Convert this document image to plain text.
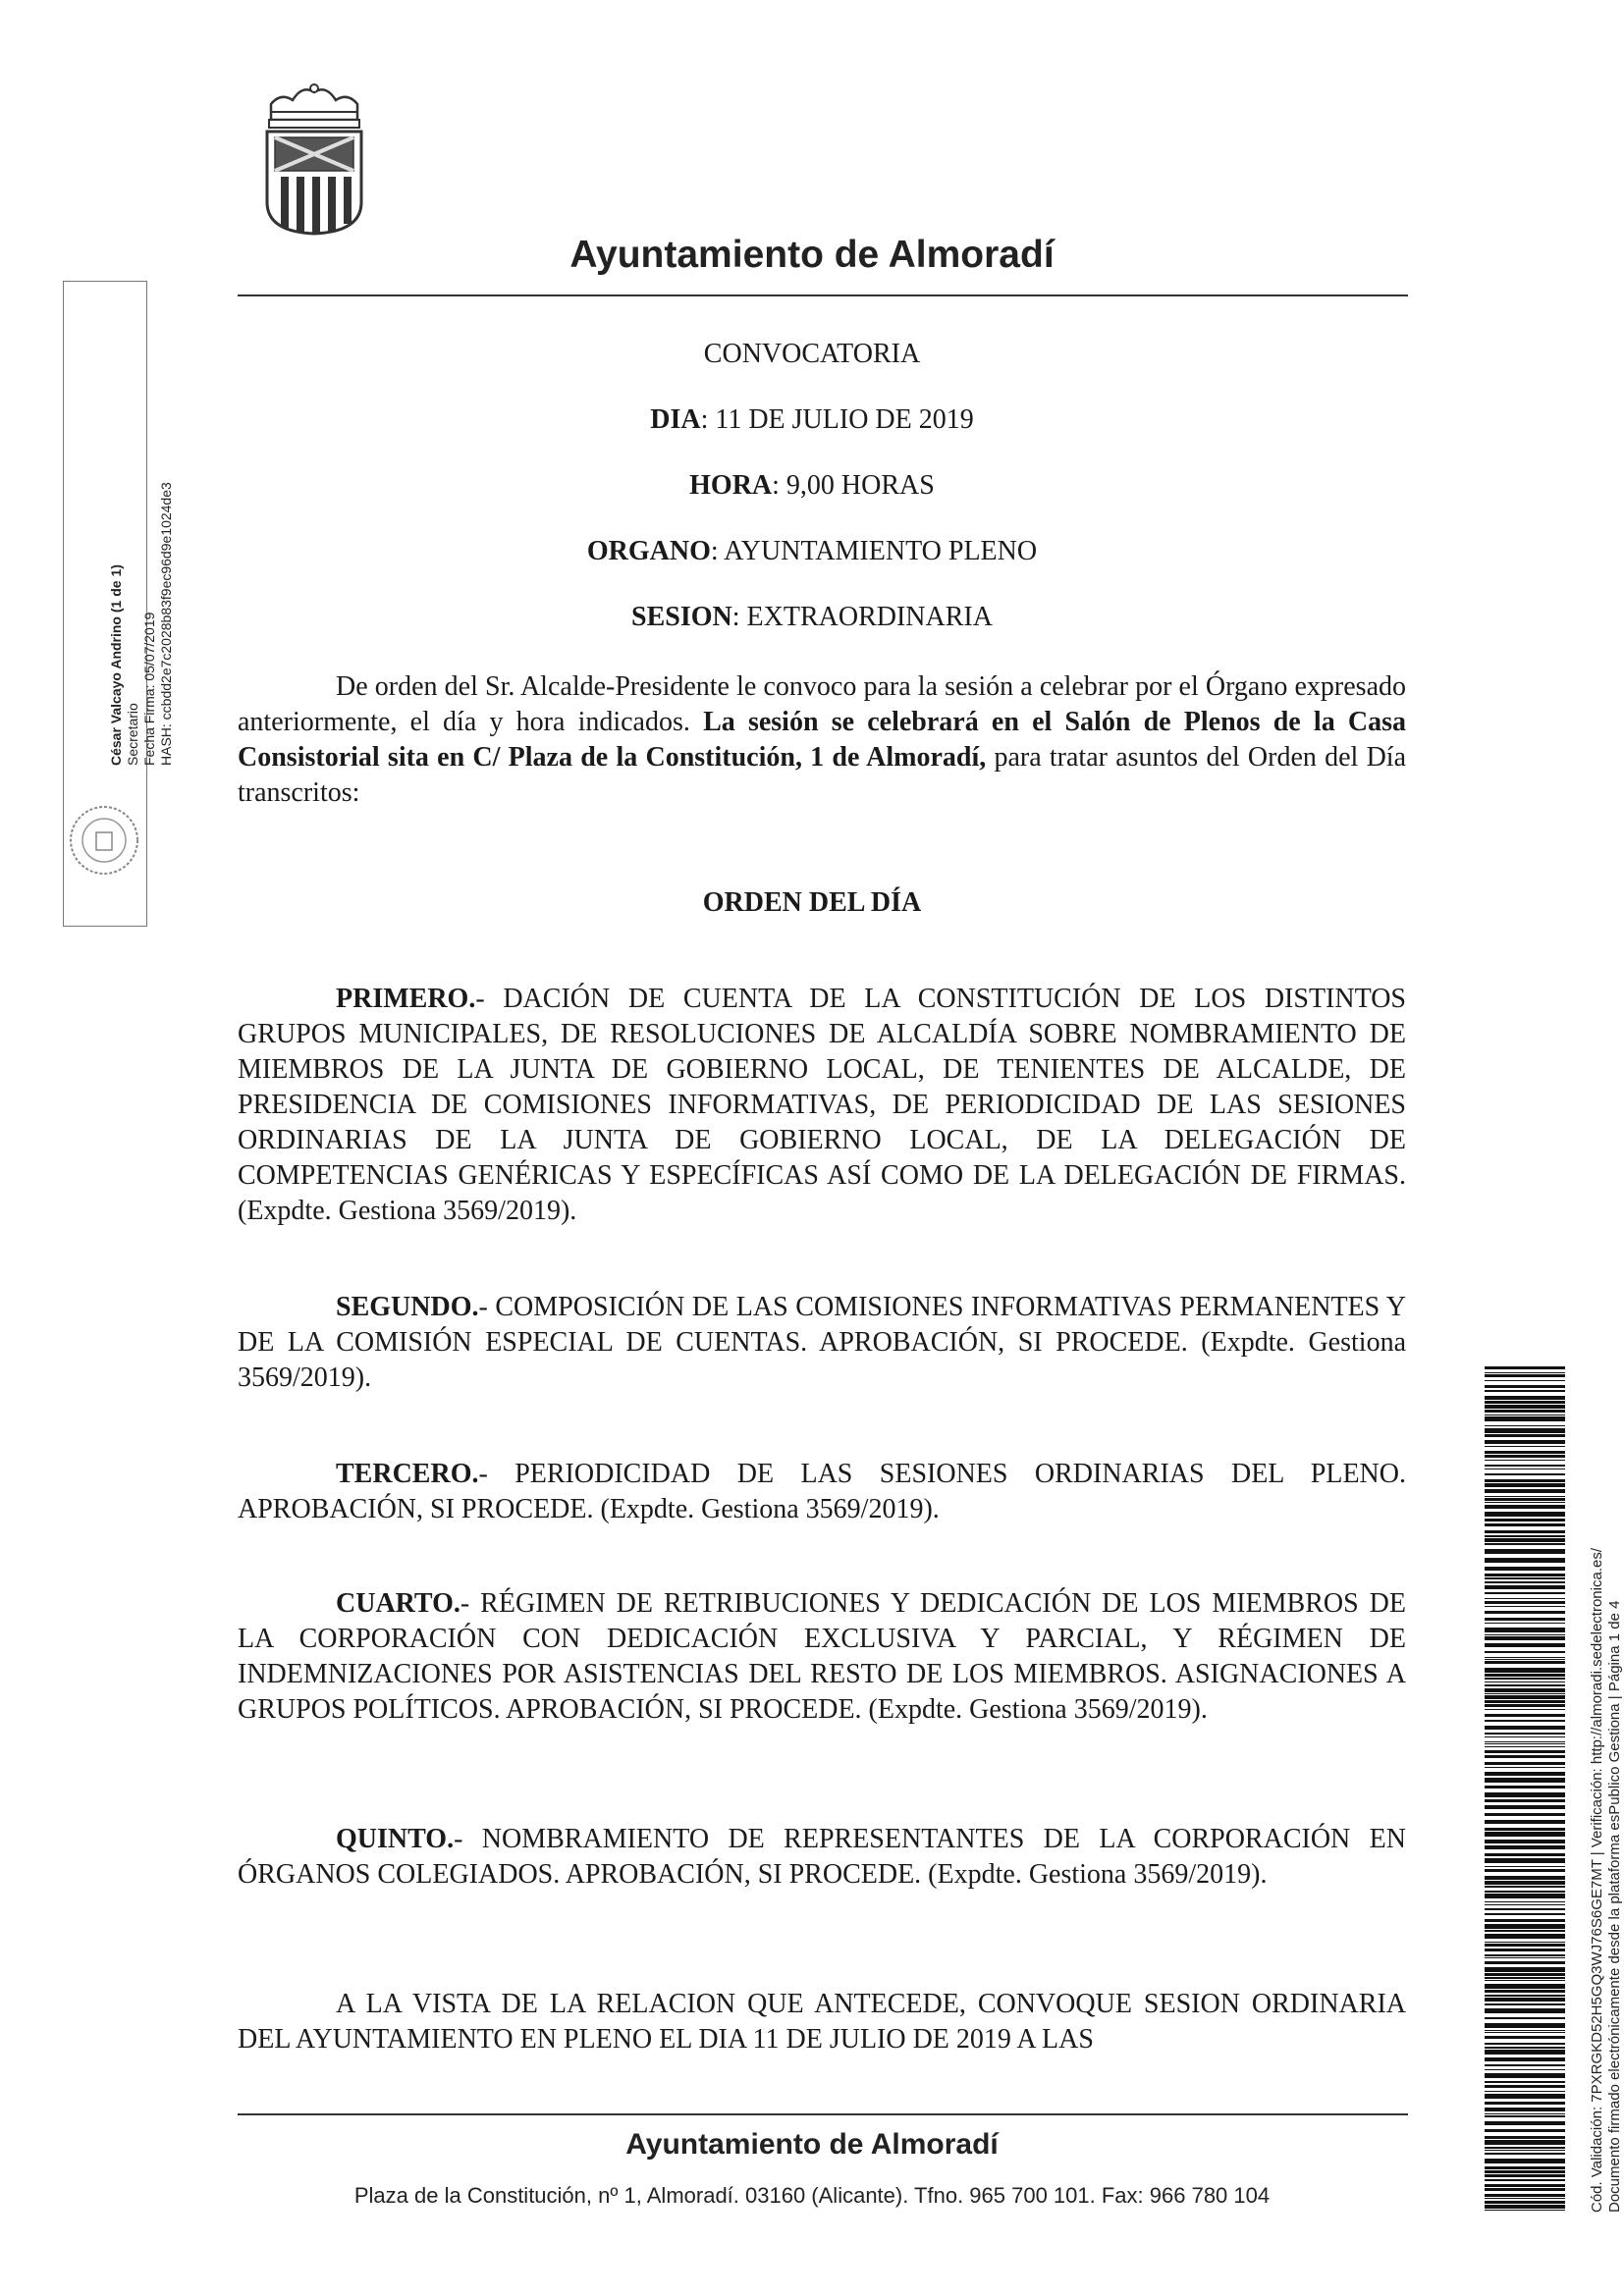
Ayuntamiento de Almoradí
César Valcayo Andrino (1 de 1) Secretario Fecha Firma: 05/07/2019 HASH: ccbdd2e7c2028b83f9ec96d9e1024de3
CONVOCATORIA
DIA: 11 DE JULIO DE 2019
HORA: 9,00 HORAS
ORGANO: AYUNTAMIENTO PLENO
SESION: EXTRAORDINARIA

De orden del Sr. Alcalde-Presidente le convoco para la sesión a celebrar por el Órgano expresado anteriormente, el día y hora indicados. La sesión se celebrará en el Salón de Plenos de la Casa Consistorial sita en C/ Plaza de la Constitución, 1 de Almoradí, para tratar asuntos del Orden del Día transcritos:

ORDEN DEL DÍA

PRIMERO.- DACIÓN DE CUENTA DE LA CONSTITUCIÓN DE LOS DISTINTOS GRUPOS MUNICIPALES, DE RESOLUCIONES DE ALCALDÍA SOBRE NOMBRAMIENTO DE MIEMBROS DE LA JUNTA DE GOBIERNO LOCAL, DE TENIENTES DE ALCALDE, DE PRESIDENCIA DE COMISIONES INFORMATIVAS, DE PERIODICIDAD DE LAS SESIONES ORDINARIAS DE LA JUNTA DE GOBIERNO LOCAL, DE LA DELEGACIÓN DE COMPETENCIAS GENÉRICAS Y ESPECÍFICAS ASÍ COMO DE LA DELEGACIÓN DE FIRMAS. (Expdte. Gestiona 3569/2019).

SEGUNDO.- COMPOSICIÓN DE LAS COMISIONES INFORMATIVAS PERMANENTES Y DE LA COMISIÓN ESPECIAL DE CUENTAS. APROBACIÓN, SI PROCEDE. (Expdte. Gestiona 3569/2019).

TERCERO.- PERIODICIDAD DE LAS SESIONES ORDINARIAS DEL PLENO. APROBACIÓN, SI PROCEDE. (Expdte. Gestiona 3569/2019).

CUARTO.- RÉGIMEN DE RETRIBUCIONES Y DEDICACIÓN DE LOS MIEMBROS DE LA CORPORACIÓN CON DEDICACIÓN EXCLUSIVA Y PARCIAL, Y RÉGIMEN DE INDEMNIZACIONES POR ASISTENCIAS DEL RESTO DE LOS MIEMBROS. ASIGNACIONES A GRUPOS POLÍTICOS. APROBACIÓN, SI PROCEDE. (Expdte. Gestiona 3569/2019).

QUINTO.- NOMBRAMIENTO DE REPRESENTANTES DE LA CORPORACIÓN EN ÓRGANOS COLEGIADOS. APROBACIÓN, SI PROCEDE. (Expdte. Gestiona 3569/2019).

A LA VISTA DE LA RELACION QUE ANTECEDE, CONVOQUE SESION ORDINARIA DEL AYUNTAMIENTO EN PLENO EL DIA 11 DE JULIO DE 2019 A LAS

Ayuntamiento de Almoradí
Plaza de la Constitución, nº 1, Almoradí. 03160 (Alicante). Tfno. 965 700 101. Fax: 966 780 104	Cód. Validación: 7PXRGKD52H5GQ3WJ76S6GE7MT | Verificación: http://almoradi.sedelectronica.es/ Documento firmado electrónicamente desde la plataforma esPublico Gestiona | Página 1 de 4
